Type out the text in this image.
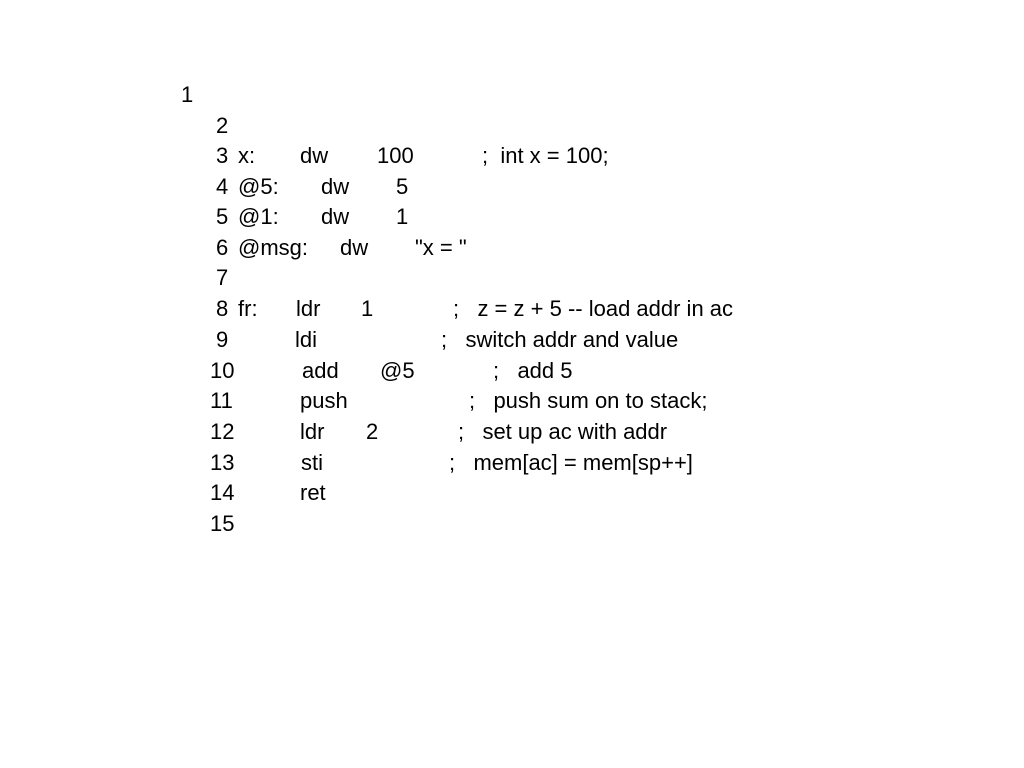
1
2
3 x: dw 100	;  int x = 100;
4 @5: dw 5
5 @1: dw 1
6 @msg: dw "x = "
7
8 fr: ldr 1	;   z = z + 5 -- load addr in ac
9	ldi	;   switch addr and value
10	add @5	;   add 5
11	push	;   push sum on to stack;
12	ldr 2	;   set up ac with addr
13	sti	;   mem[ac] = mem[sp++]
14	ret
15
